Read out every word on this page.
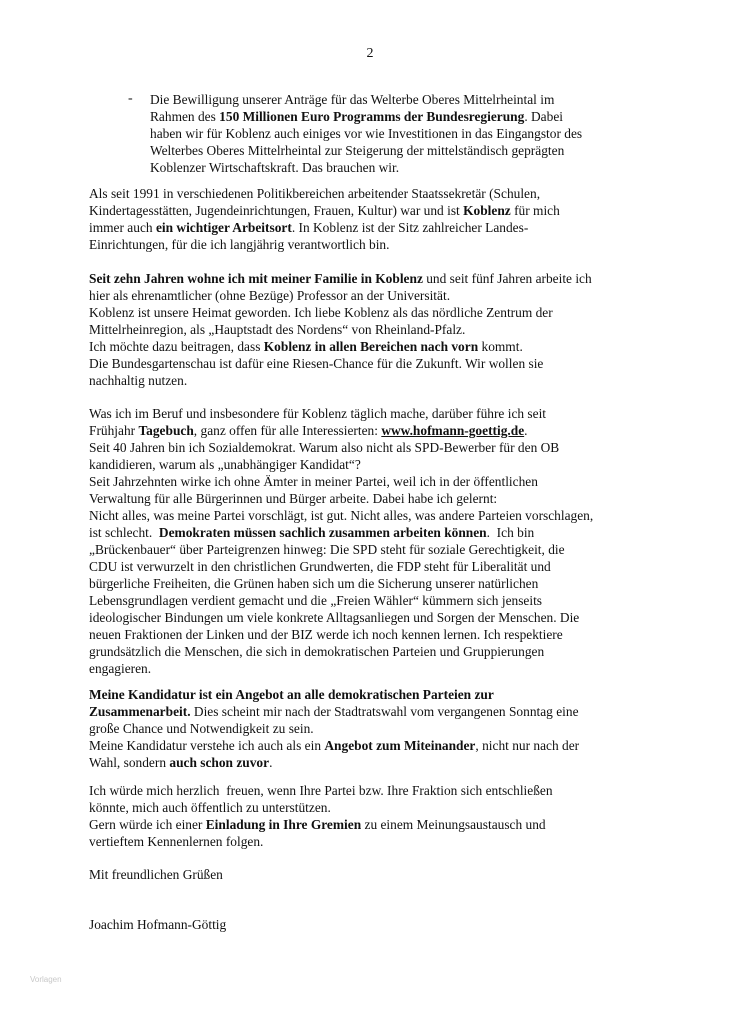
2
- Die Bewilligung unserer Anträge für das Welterbe Oberes Mittelrheintal im
Rahmen des 150 Millionen Euro Programms der Bundesregierung. Dabei
haben wir für Koblenz auch einiges vor wie Investitionen in das Eingangstor des
Welterbes Oberes Mittelrheintal zur Steigerung der mittelständisch geprägten
Koblenzer Wirtschaftskraft. Das brauchen wir.

Als seit 1991 in verschiedenen Politikbereichen arbeitender Staatssekretär (Schulen,
Kindertagesstätten, Jugendeinrichtungen, Frauen, Kultur) war und ist Koblenz für mich
immer auch ein wichtiger Arbeitsort. In Koblenz ist der Sitz zahlreicher Landes-
Einrichtungen, für die ich langjährig verantwortlich bin.

Seit zehn Jahren wohne ich mit meiner Familie in Koblenz und seit fünf Jahren arbeite ich
hier als ehrenamtlicher (ohne Bezüge) Professor an der Universität.
Koblenz ist unsere Heimat geworden. Ich liebe Koblenz als das nördliche Zentrum der
Mittelrheinregion, als „Hauptstadt des Nordens“ von Rheinland-Pfalz.
Ich möchte dazu beitragen, dass Koblenz in allen Bereichen nach vorn kommt.
Die Bundesgartenschau ist dafür eine Riesen-Chance für die Zukunft. Wir wollen sie
nachhaltig nutzen.

Was ich im Beruf und insbesondere für Koblenz täglich mache, darüber führe ich seit
Frühjahr Tagebuch, ganz offen für alle Interessierten: www.hofmann-goettig.de.
Seit 40 Jahren bin ich Sozialdemokrat. Warum also nicht als SPD-Bewerber für den OB
kandidieren, warum als „unabhängiger Kandidat“?
Seit Jahrzehnten wirke ich ohne Ämter in meiner Partei, weil ich in der öffentlichen
Verwaltung für alle Bürgerinnen und Bürger arbeite. Dabei habe ich gelernt:
Nicht alles, was meine Partei vorschlägt, ist gut. Nicht alles, was andere Parteien vorschlagen,
ist schlecht.  Demokraten müssen sachlich zusammen arbeiten können.  Ich bin
„Brückenbauer“ über Parteigrenzen hinweg: Die SPD steht für soziale Gerechtigkeit, die
CDU ist verwurzelt in den christlichen Grundwerten, die FDP steht für Liberalität und
bürgerliche Freiheiten, die Grünen haben sich um die Sicherung unserer natürlichen
Lebensgrundlagen verdient gemacht und die „Freien Wähler“ kümmern sich jenseits
ideologischer Bindungen um viele konkrete Alltagsanliegen und Sorgen der Menschen. Die
neuen Fraktionen der Linken und der BIZ werde ich noch kennen lernen. Ich respektiere
grundsätzlich die Menschen, die sich in demokratischen Parteien und Gruppierungen
engagieren.

Meine Kandidatur ist ein Angebot an alle demokratischen Parteien zur
Zusammenarbeit. Dies scheint mir nach der Stadtratswahl vom vergangenen Sonntag eine
große Chance und Notwendigkeit zu sein.
Meine Kandidatur verstehe ich auch als ein Angebot zum Miteinander, nicht nur nach der
Wahl, sondern auch schon zuvor.

Ich würde mich herzlich  freuen, wenn Ihre Partei bzw. Ihre Fraktion sich entschließen
könnte, mich auch öffentlich zu unterstützen.
Gern würde ich einer Einladung in Ihre Gremien zu einem Meinungsaustausch und
vertieftem Kennenlernen folgen.

Mit freundlichen Grüßen

Joachim Hofmann-Göttig

Vorlagen
